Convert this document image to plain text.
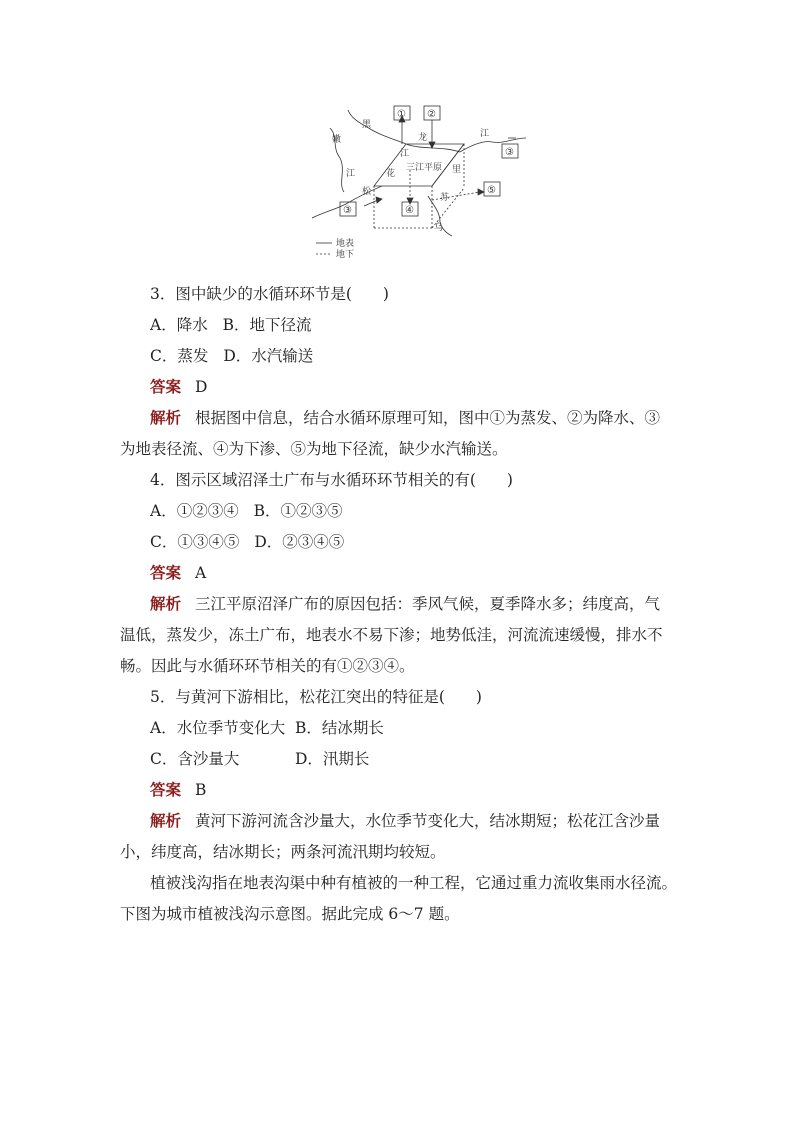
① ②
③
⑤
③	④
黑
龙	江
嫩
江	花
松
江
里
苏
乌
三江平原
地表
地下
3．图中缺少的水循环环节是(　　)
A．降水 B．地下径流
C．蒸发 D．水汽输送
答案 D
解析 根据图中信息，结合水循环原理可知，图中①为蒸发、②为降水、③
为地表径流、④为下渗、⑤为地下径流，缺少水汽输送。
4．图示区域沼泽土广布与水循环环节相关的有(　　)
A．①②③④ B．①②③⑤
C．①③④⑤ D．②③④⑤
答案 A
解析 三江平原沼泽广布的原因包括：季风气候，夏季降水多；纬度高，气
温低，蒸发少，冻土广布，地表水不易下渗；地势低洼，河流流速缓慢，排水不
畅。因此与水循环环节相关的有①②③④。
5．与黄河下游相比，松花江突出的特征是(　　)
A．水位季节变化大 B．结冰期长
C．含沙量大	D．汛期长
答案 B
解析 黄河下游河流含沙量大，水位季节变化大，结冰期短；松花江含沙量
小，纬度高，结冰期长；两条河流汛期均较短。
植被浅沟指在地表沟渠中种有植被的一种工程，它通过重力流收集雨水径流。
下图为城市植被浅沟示意图。据此完成 6～7 题。
